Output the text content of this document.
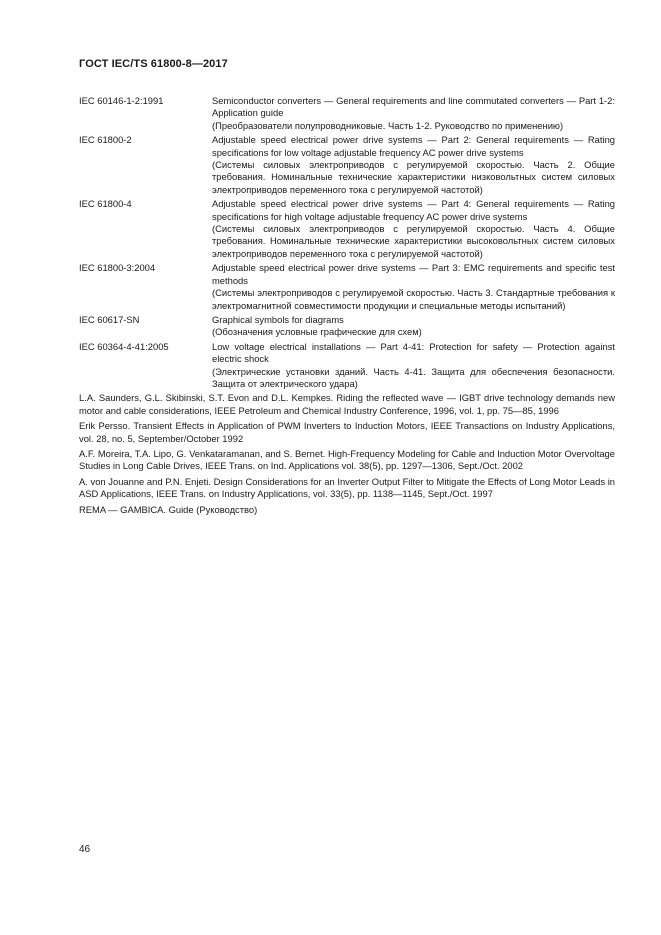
ГОСТ IEC/TS 61800-8—2017
IEC 60146-1-2:1991	Semiconductor converters — General requirements and line commutated converters — Part 1-2: Application guide

(Преобразователи полупроводниковые. Часть 1-2. Руководство по применению)

IEC 61800-2	Adjustable speed electrical power drive systems — Part 2: General requirements — Rating specifications for low voltage adjustable frequency AC power drive systems

(Системы силовых электроприводов с регулируемой скоростью. Часть 2. Общие требования. Номинальные технические характеристики низковольтных систем силовых электроприводов переменного тока с регулируемой частотой)

IEC 61800-4	Adjustable speed electrical power drive systems — Part 4: General requirements — Rating specifications for high voltage adjustable frequency AC power drive systems

(Системы силовых электроприводов с регулируемой скоростью. Часть 4. Общие требования. Номинальные технические характеристики высоковольтных систем силовых электроприводов переменного тока с регулируемой частотой)

IEC 61800-3:2004	Adjustable speed electrical power drive systems — Part 3: EMC requirements and specific test methods

(Системы электроприводов с регулируемой скоростью. Часть 3. Стандартные требования к электромагнитной совместимости продукции и специальные методы испытаний)

IEC 60617-SN	Graphical symbols for diagrams

(Обозначения условные графические для схем)

IEC 60364-4-41:2005	Low voltage electrical installations — Part 4-41: Protection for safety — Protection against electric shock

(Электрические установки зданий. Часть 4-41. Защита для обеспечения безопасности. Защита от электрического удара)

L.A. Saunders, G.L. Skibinski, S.T. Evon and D.L. Kempkes. Riding the reflected wave — IGBT drive technology demands new motor and cable considerations, IEEE Petroleum and Chemical Industry Conference, 1996, vol. 1, pp. 75—85, 1996

Erik Persso. Transient Effects in Application of PWM Inverters to Induction Motors, IEEE Transactions on Industry Applications, vol. 28, no. 5, September/October 1992

A.F. Moreira, T.A. Lipo, G. Venkataramanan, and S. Bernet. High-Frequency Modeling for Cable and Induction Motor Overvoltage Studies in Long Cable Drives, IEEE Trans. on Ind. Applications vol. 38(5), pp. 1297—1306, Sept./Oct. 2002

A. von Jouanne and P.N. Enjeti. Design Considerations for an Inverter Output Filter to Mitigate the Effects of Long Motor Leads in ASD Applications, IEEE Trans. on Industry Applications, vol. 33(5), pp. 1138—1145, Sept./Oct. 1997

REMA — GAMBICA. Guide (Руководство)

46
